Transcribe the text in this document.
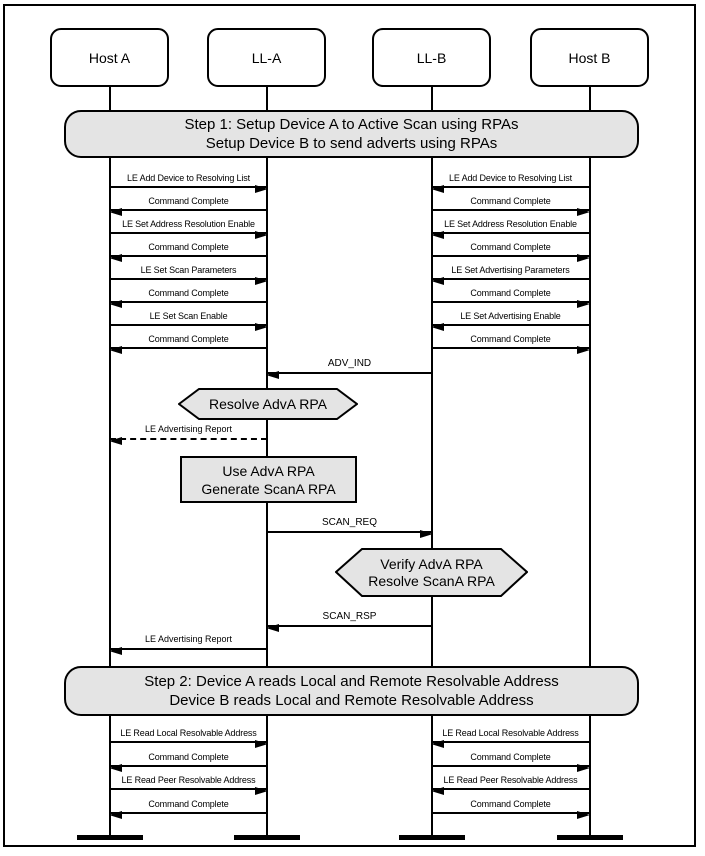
Host A	LL-A	LL-B	Host B
Step 1: Setup Device A to Active Scan using RPAs
Setup Device B to send adverts using RPAs
LE Add Device to Resolving List
Command Complete
LE Set Address Resolution Enable
Command Complete
LE Set Scan Parameters
Command Complete
LE Set Scan Enable
Command Complete
LE Add Device to Resolving List
Command Complete
LE Set Address Resolution Enable
Command Complete
LE Set Advertising Parameters
Command Complete
LE Set Advertising Enable
Command Complete
ADV_IND
Resolve AdvA RPA
LE Advertising Report
Use AdvA RPA
Generate ScanA RPA
SCAN_REQ
Verify AdvA RPA
Resolve ScanA RPA
SCAN_RSP
LE Advertising Report
Step 2: Device A reads Local and Remote Resolvable Address
Device B reads Local and Remote Resolvable Address
LE Read Local Resolvable Address
Command Complete
LE Read Peer Resolvable Address
Command Complete
LE Read Local Resolvable Address
Command Complete
LE Read Peer Resolvable Address
Command Complete
